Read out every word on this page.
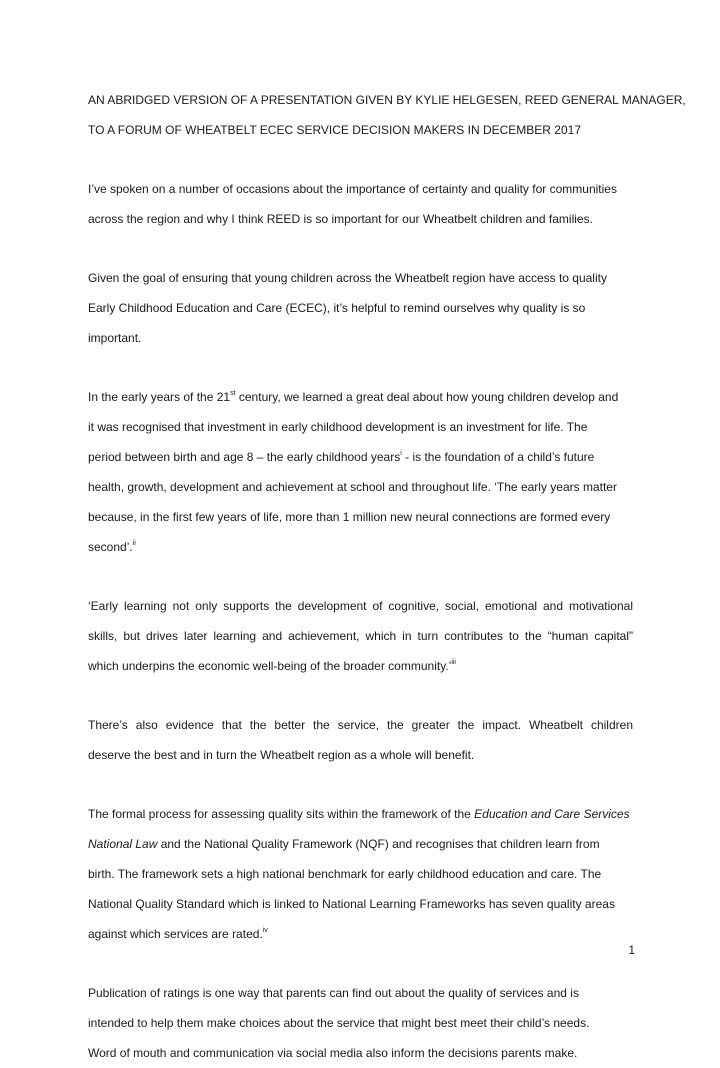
AN ABRIDGED VERSION OF A PRESENTATION GIVEN BY KYLIE HELGESEN, REED GENERAL MANAGER,
TO A FORUM OF WHEATBELT ECEC SERVICE DECISION MAKERS IN DECEMBER 2017
I’ve spoken on a number of occasions about the importance of certainty and quality for communities
across the region and why I think REED is so important for our Wheatbelt children and families.
Given the goal of ensuring that young children across the Wheatbelt region have access to quality
Early Childhood Education and Care (ECEC), it’s helpful to remind ourselves why quality is so
important.
In the early years of the 21st century, we learned a great deal about how young children develop and
it was recognised that investment in early childhood development is an investment for life. The
period between birth and age 8 – the early childhood years$^i$ - is the foundation of a child’s future
health, growth, development and achievement at school and throughout life. ‘The early years matter
because, in the first few years of life, more than 1 million new neural connections are formed every
second’.$^{ii}$
‘Early learning not only supports the development of cognitive, social, emotional and motivational
skills, but drives later learning and achievement, which in turn contributes to the “human capital”
which underpins the economic well-being of the broader community.’$^{iii}$
There’s also evidence that the better the service, the greater the impact. Wheatbelt children
deserve the best and in turn the Wheatbelt region as a whole will benefit.
The formal process for assessing quality sits within the framework of the Education and Care Services
National Law and the National Quality Framework (NQF) and recognises that children learn from
birth. The framework sets a high national benchmark for early childhood education and care. The
National Quality Standard which is linked to National Learning Frameworks has seven quality areas
against which services are rated.$^{iv}$
Publication of ratings is one way that parents can find out about the quality of services and is
intended to help them make choices about the service that might best meet their child’s needs.
Word of mouth and communication via social media also inform the decisions parents make.
1
